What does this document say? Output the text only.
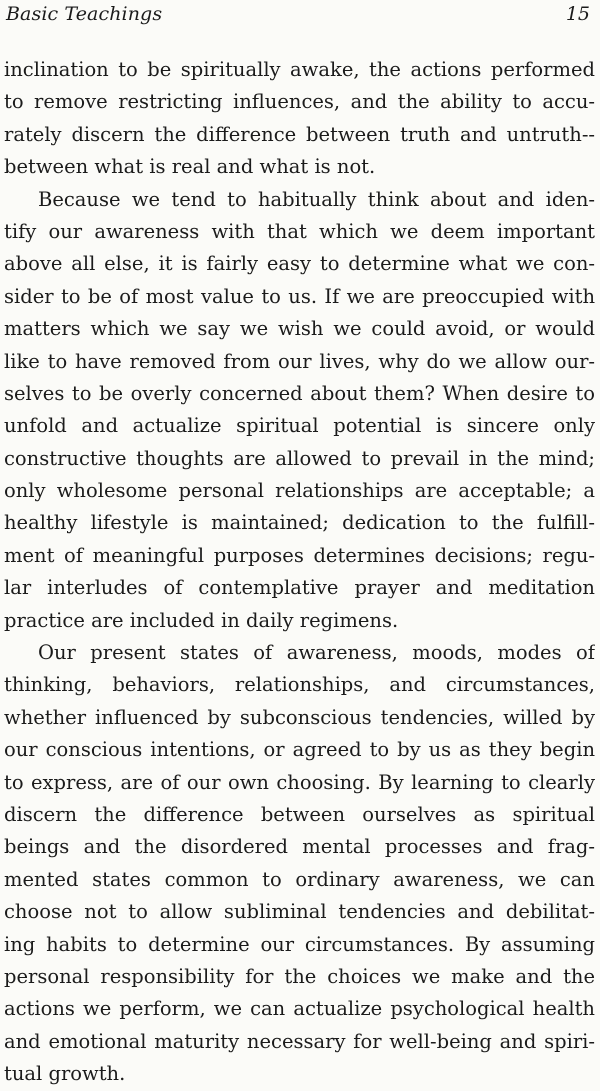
Basic Teachings	15
inclination to be spiritually awake, the actions performed
to remove restricting influences, and the ability to accu-
rately discern the difference between truth and untruth--
between what is real and what is not.
Because we tend to habitually think about and iden-
tify our awareness with that which we deem important
above all else, it is fairly easy to determine what we con-
sider to be of most value to us. If we are preoccupied with
matters which we say we wish we could avoid, or would
like to have removed from our lives, why do we allow our-
selves to be overly concerned about them? When desire to
unfold and actualize spiritual potential is sincere only
constructive thoughts are allowed to prevail in the mind;
only wholesome personal relationships are acceptable; a
healthy lifestyle is maintained; dedication to the fulfill-
ment of meaningful purposes determines decisions; regu-
lar interludes of contemplative prayer and meditation
practice are included in daily regimens.
Our present states of awareness, moods, modes of
thinking, behaviors, relationships, and circumstances,
whether influenced by subconscious tendencies, willed by
our conscious intentions, or agreed to by us as they begin
to express, are of our own choosing. By learning to clearly
discern the difference between ourselves as spiritual
beings and the disordered mental processes and frag-
mented states common to ordinary awareness, we can
choose not to allow subliminal tendencies and debilitat-
ing habits to determine our circumstances. By assuming
personal responsibility for the choices we make and the
actions we perform, we can actualize psychological health
and emotional maturity necessary for well-being and spiri-
tual growth.
